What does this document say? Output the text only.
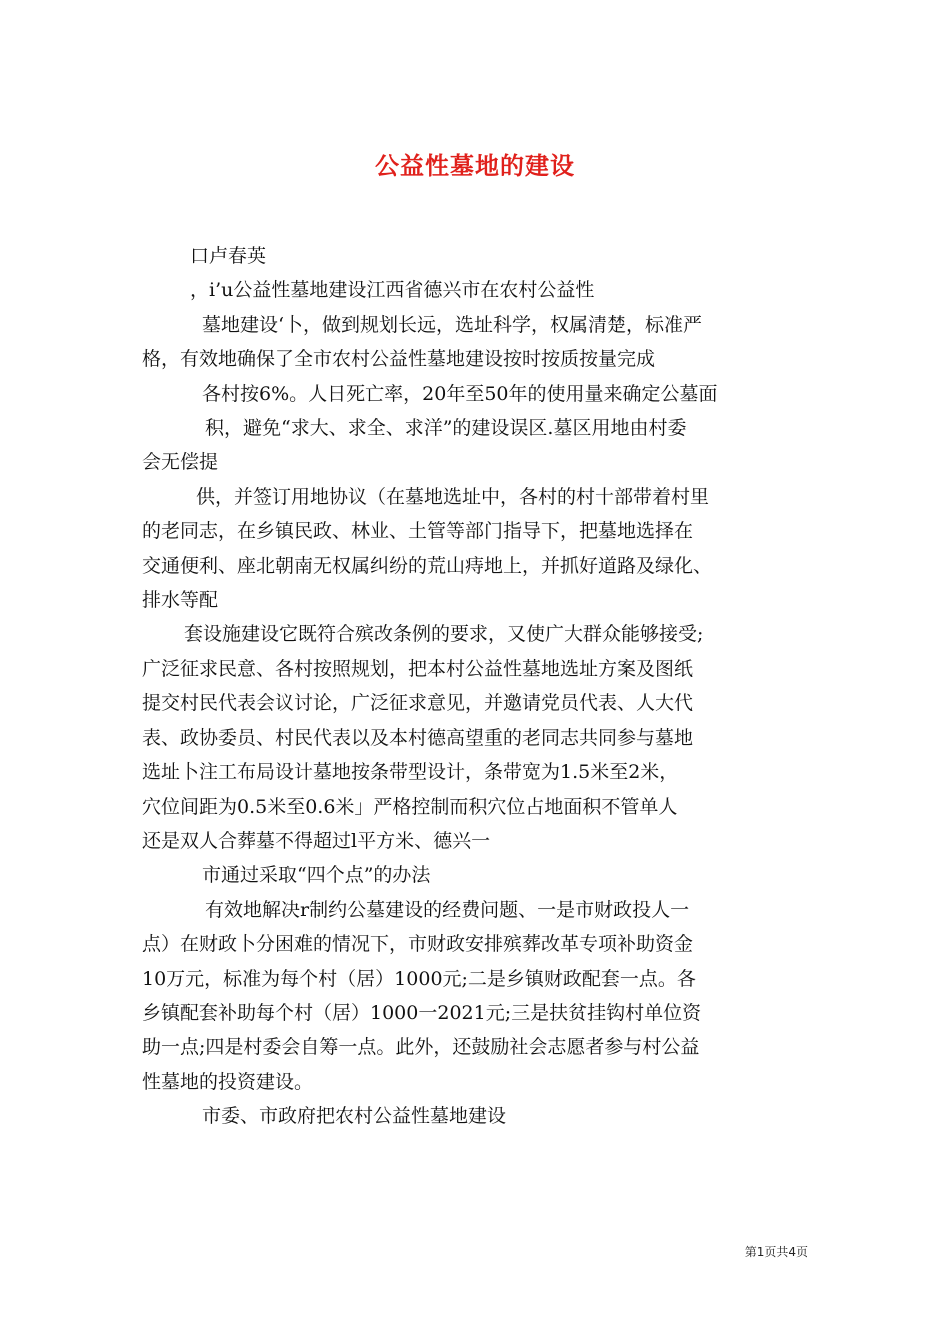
公益性墓地的建设

口卢春英

，i’u公益性墓地建设江西省德兴市在农村公益性

墓地建设‘卜，做到规划长远，选址科学，权属清楚，标准严

格，有效地确保了全市农村公益性墓地建设按时按质按量完成

各村按6%。人日死亡率，20年至50年的使用量来确定公墓面

积，避免“求大、求全、求洋”的建设误区.墓区用地由村委

会无偿提

供，并签订用地协议（在墓地选址中，各村的村十部带着村里

的老同志，在乡镇民政、林业、土管等部门指导下，把墓地选择在

交通便利、座北朝南无权属纠纷的荒山痔地上，并抓好道路及绿化、

排水等配

套设施建设它既符合殡改条例的要求，又使广大群众能够接受;

广泛征求民意、各村按照规划，把本村公益性墓地选址方案及图纸

提交村民代表会议讨论，广泛征求意见，并邀请党员代表、人大代

表、政协委员、村民代表以及本村德高望重的老同志共同参与墓地

选址卜注工布局设计墓地按条带型设计，条带宽为1.5米至2米，

穴位间距为0.5米至0.6米」严格控制而积穴位占地面积不管单人

还是双人合葬墓不得超过l平方米、德兴一

市通过采取“四个点”的办法

有效地解决r制约公墓建设的经费问题、一是市财政投人一

点）在财政卜分困难的情况下，市财政安排殡葬改革专项补助资金

10万元，标准为每个村（居）1000元;二是乡镇财政配套一点。各

乡镇配套补助每个村（居）1000一2021元;三是扶贫挂钩村单位资

助一点;四是村委会自筹一点。此外，还鼓励社会志愿者参与村公益

性墓地的投资建设。

市委、市政府把农村公益性墓地建设

第1页共4页
